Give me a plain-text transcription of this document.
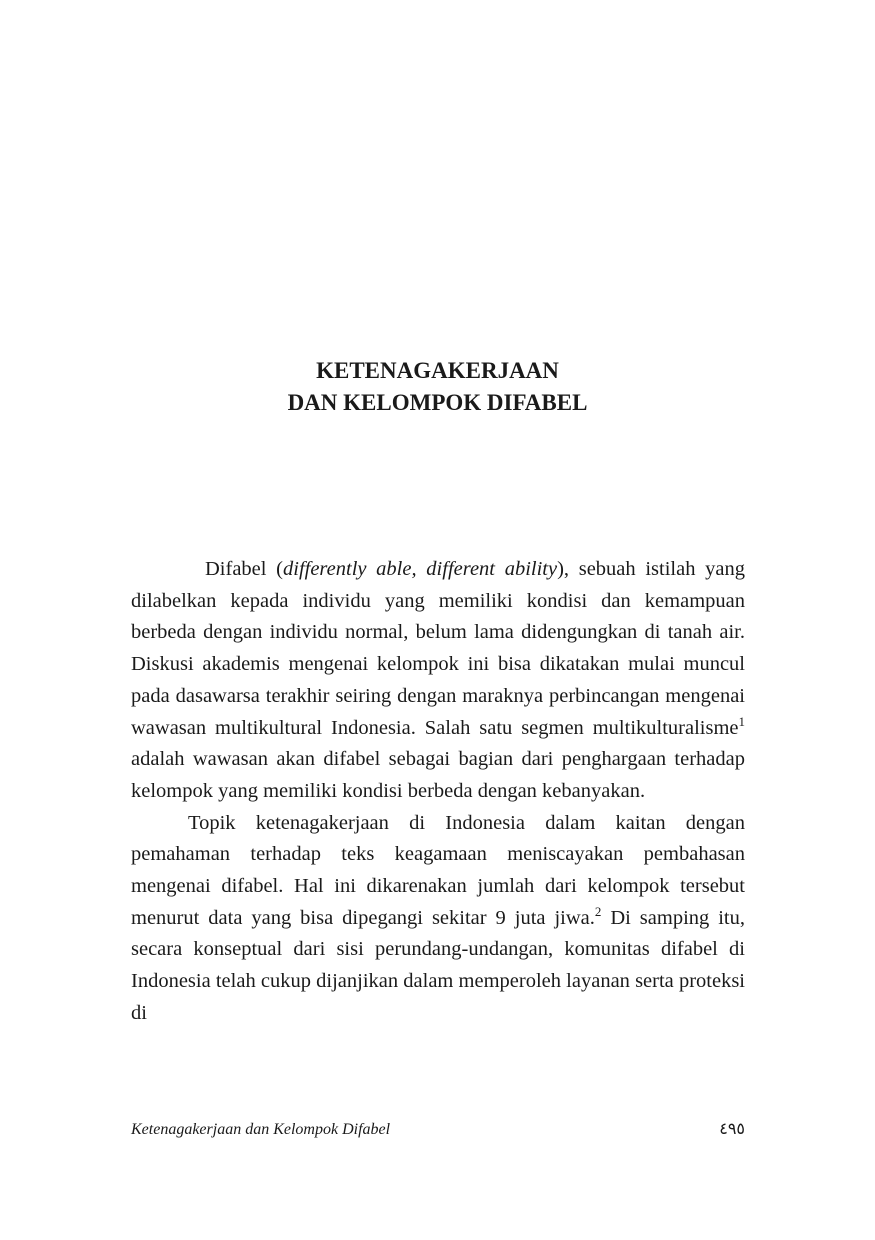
KETENAGAKERJAAN
DAN KELOMPOK DIFABEL

Difabel (differently able, different ability), sebuah istilah yang dilabelkan kepada individu yang memiliki kondisi dan kemampuan berbeda dengan individu normal, belum lama didengungkan di tanah air. Diskusi akademis mengenai kelompok ini bisa dikatakan mulai muncul pada dasawarsa terakhir seiring dengan maraknya perbincangan mengenai wawasan multikultural Indonesia. Salah satu segmen multikulturalisme$^1$ adalah wawasan akan difabel sebagai bagian dari penghargaan terhadap kelompok yang memiliki kondisi berbeda dengan kebanyakan.

Topik ketenagakerjaan di Indonesia dalam kaitan dengan pemahaman terhadap teks keagamaan meniscayakan pembahasan mengenai difabel. Hal ini dikarenakan jumlah dari kelompok tersebut menurut data yang bisa dipegangi sekitar 9 juta jiwa.$^2$ Di samping itu, secara konseptual dari sisi perundang-undangan, komunitas difabel di Indonesia telah cukup dijanjikan dalam memperoleh layanan serta proteksi di

Ketenagakerjaan dan Kelompok Difabel	٤٩٥
